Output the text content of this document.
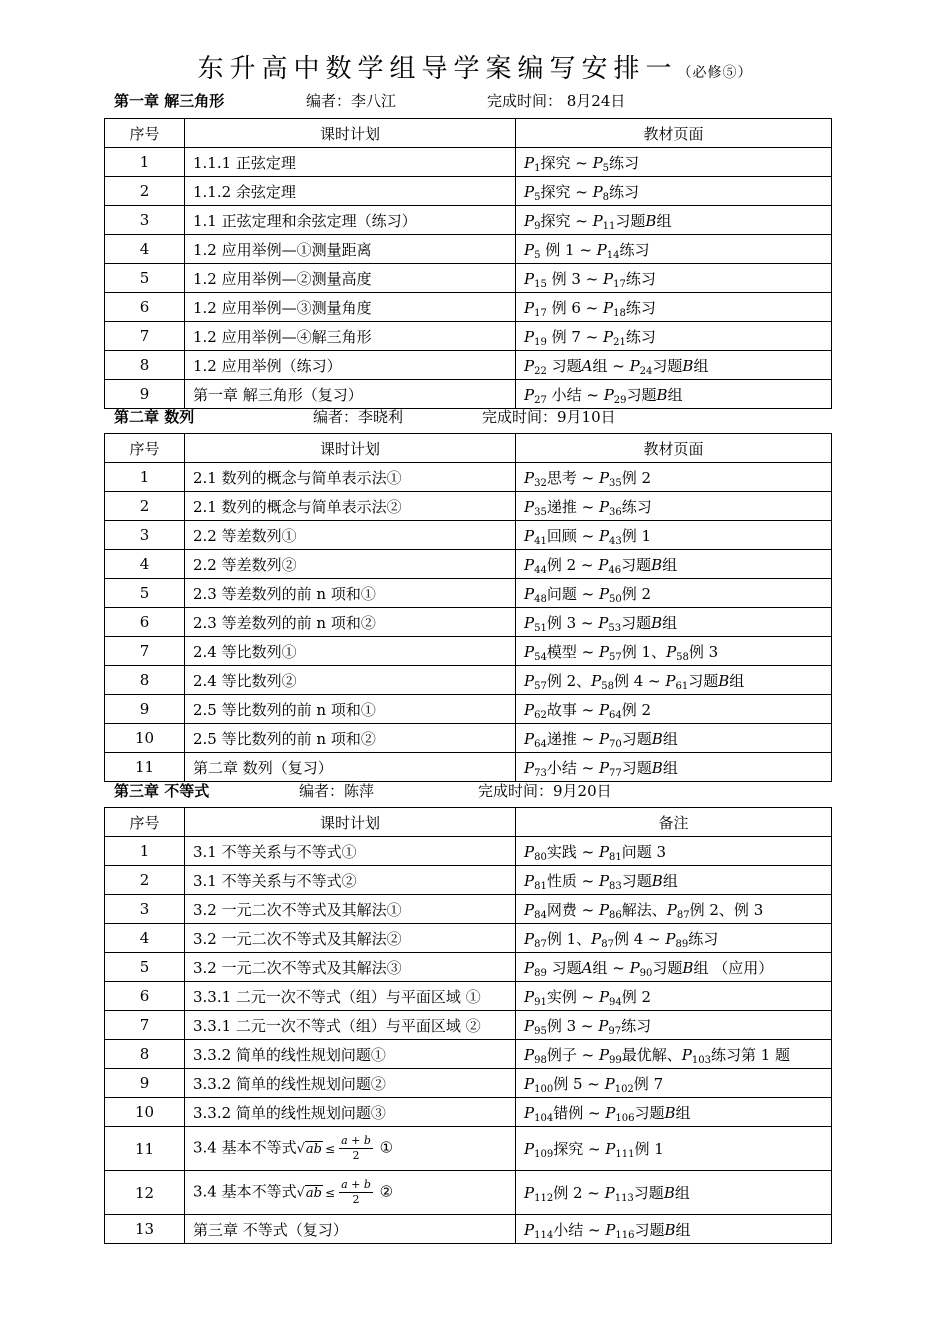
东升高中数学组导学案编写安排一（必修⑤）
第一章 解三角形	编者：李八江	完成时间： 8月24日
序号	课时计划	教材页面
1	1.1.1 正弦定理	$P_1$探究 ~ $P_5$练习
2	1.1.2 余弦定理	$P_5$探究 ~ $P_8$练习
3	1.1 正弦定理和余弦定理（练习）	$P_9$探究 ~ $P_{11}$习题B组
4	1.2 应用举例—①测量距离	$P_5$ 例 1 ~ $P_{14}$练习
5	1.2 应用举例—②测量高度	$P_{15}$ 例 3 ~ $P_{17}$练习
6	1.2 应用举例—③测量角度	$P_{17}$ 例 6 ~ $P_{18}$练习
7	1.2 应用举例—④解三角形	$P_{19}$ 例 7 ~ $P_{21}$练习
8	1.2 应用举例（练习）	$P_{22}$ 习题A组 ~ $P_{24}$习题B组
9	第一章 解三角形（复习）	$P_{27}$ 小结 ~ $P_{29}$习题B组
第二章 数列	编者：李晓利	完成时间：9月10日
序号	课时计划	教材页面
1	2.1 数列的概念与简单表示法①	$P_{32}$思考 ~ $P_{35}$例 2
2	2.1 数列的概念与简单表示法②	$P_{35}$递推 ~ $P_{36}$练习
3	2.2 等差数列①	$P_{41}$回顾 ~ $P_{43}$例 1
4	2.2 等差数列②	$P_{44}$例 2 ~ $P_{46}$习题B组
5	2.3 等差数列的前 n 项和①	$P_{48}$问题 ~ $P_{50}$例 2
6	2.3 等差数列的前 n 项和②	$P_{51}$例 3 ~ $P_{53}$习题B组
7	2.4 等比数列①	$P_{54}$模型 ~ $P_{57}$例 1、$P_{58}$例 3
8	2.4 等比数列②	$P_{57}$例 2、$P_{58}$例 4 ~ $P_{61}$习题B组
9	2.5 等比数列的前 n 项和①	$P_{62}$故事 ~ $P_{64}$例 2
10	2.5 等比数列的前 n 项和②	$P_{64}$递推 ~ $P_{70}$习题B组
11	第二章 数列（复习）	$P_{73}$小结 ~ $P_{77}$习题B组
第三章 不等式	编者：陈萍	完成时间：9月20日
序号	课时计划	备注
1	3.1 不等关系与不等式①	$P_{80}$实践 ~ $P_{81}$问题 3
2	3.1 不等关系与不等式②	$P_{81}$性质 ~ $P_{83}$习题B组
3	3.2 一元二次不等式及其解法①	$P_{84}$网费 ~ $P_{86}$解法、$P_{87}$例 2、例 3
4	3.2 一元二次不等式及其解法②	$P_{87}$例 1、$P_{87}$例 4 ~ $P_{89}$练习
5	3.2 一元二次不等式及其解法③	$P_{89}$ 习题A组 ~ $P_{90}$习题B组 （应用）
6	3.3.1 二元一次不等式（组）与平面区域 ①	$P_{91}$实例 ~ $P_{94}$例 2
7	3.3.1 二元一次不等式（组）与平面区域 ②	$P_{95}$例 3 ~ $P_{97}$练习
8	3.3.2 简单的线性规划问题①	$P_{98}$例子 ~ $P_{99}$最优解、$P_{103}$练习第 1 题
9	3.3.2 简单的线性规划问题②	$P_{100}$例 5 ~ $P_{102}$例 7
10	3.3.2 简单的线性规划问题③	$P_{104}$错例 ~ $P_{106}$习题B组
11	3.4 基本不等式$√ab \le \frac{a + b}{2}$ ①	$P_{109}$探究 ~ $P_{111}$例 1
12	3.4 基本不等式$√ab \le \frac{a + b}{2}$ ②	$P_{112}$例 2 ~ $P_{113}$习题B组
13	第三章 不等式（复习）	$P_{114}$小结 ~ $P_{116}$习题B组
